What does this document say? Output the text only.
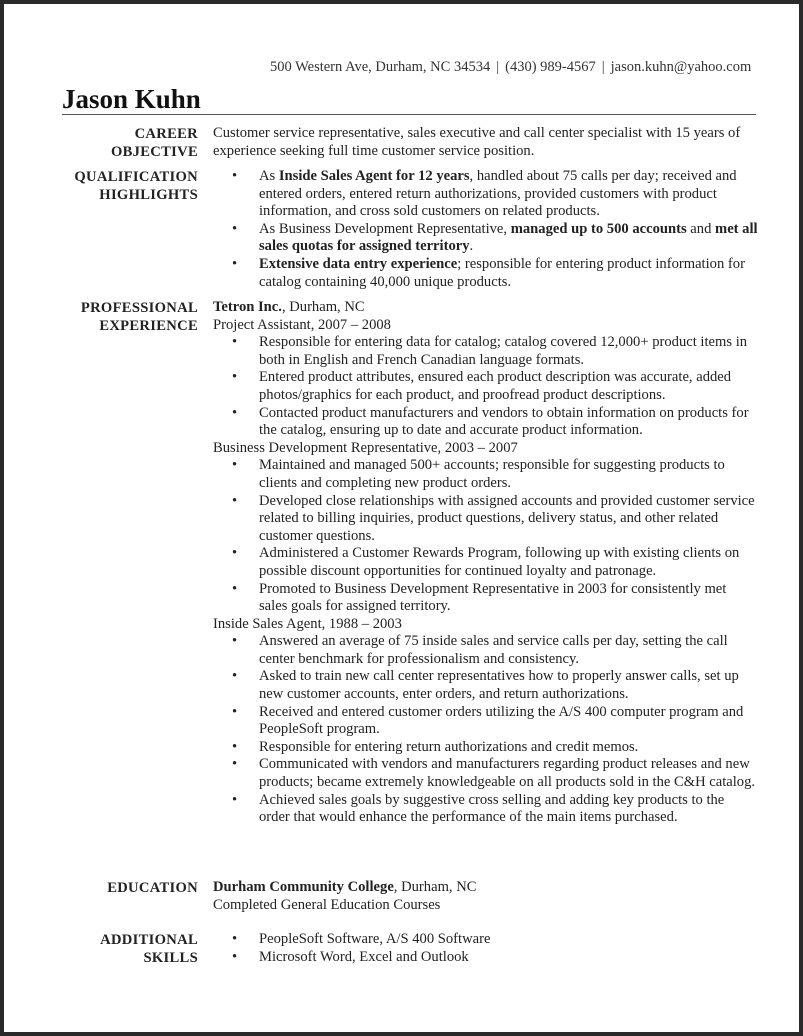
500 Western Ave, Durham, NC 34534 | (430) 989-4567 | jason.kuhn@yahoo.com
Jason Kuhn
CAREER
OBJECTIVE

Customer service representative, sales executive and call center specialist with 15 years of experience seeking full time customer service position.

QUALIFICATION
HIGHLIGHTS
• As Inside Sales Agent for 12 years, handled about 75 calls per day; received and entered orders, entered return authorizations, provided customers with product information, and cross sold customers on related products.
• As Business Development Representative, managed up to 500 accounts and met all sales quotas for assigned territory.
• Extensive data entry experience; responsible for entering product information for catalog containing 40,000 unique products.
PROFESSIONAL
EXPERIENCE

Tetron Inc., Durham, NC

Project Assistant, 2007 – 2008

• Responsible for entering data for catalog; catalog covered 12,000+ product items in both in English and French Canadian language formats.
• Entered product attributes, ensured each product description was accurate, added photos/graphics for each product, and proofread product descriptions.
• Contacted product manufacturers and vendors to obtain information on products for the catalog, ensuring up to date and accurate product information.

Business Development Representative, 2003 – 2007

• Maintained and managed 500+ accounts; responsible for suggesting products to clients and completing new product orders.
• Developed close relationships with assigned accounts and provided customer service related to billing inquiries, product questions, delivery status, and other related customer questions.
• Administered a Customer Rewards Program, following up with existing clients on possible discount opportunities for continued loyalty and patronage.
• Promoted to Business Development Representative in 2003 for consistently met sales goals for assigned territory.

Inside Sales Agent, 1988 – 2003

• Answered an average of 75 inside sales and service calls per day, setting the call center benchmark for professionalism and consistency.
• Asked to train new call center representatives how to properly answer calls, set up new customer accounts, enter orders, and return authorizations.
• Received and entered customer orders utilizing the A/S 400 computer program and PeopleSoft program.
• Responsible for entering return authorizations and credit memos.
• Communicated with vendors and manufacturers regarding product releases and new products; became extremely knowledgeable on all products sold in the C&H catalog.
• Achieved sales goals by suggestive cross selling and adding key products to the order that would enhance the performance of the main items purchased.
EDUCATION Durham Community College, Durham, NC

Completed General Education Courses

ADDITIONAL
SKILLS
• PeopleSoft Software, A/S 400 Software
• Microsoft Word, Excel and Outlook
